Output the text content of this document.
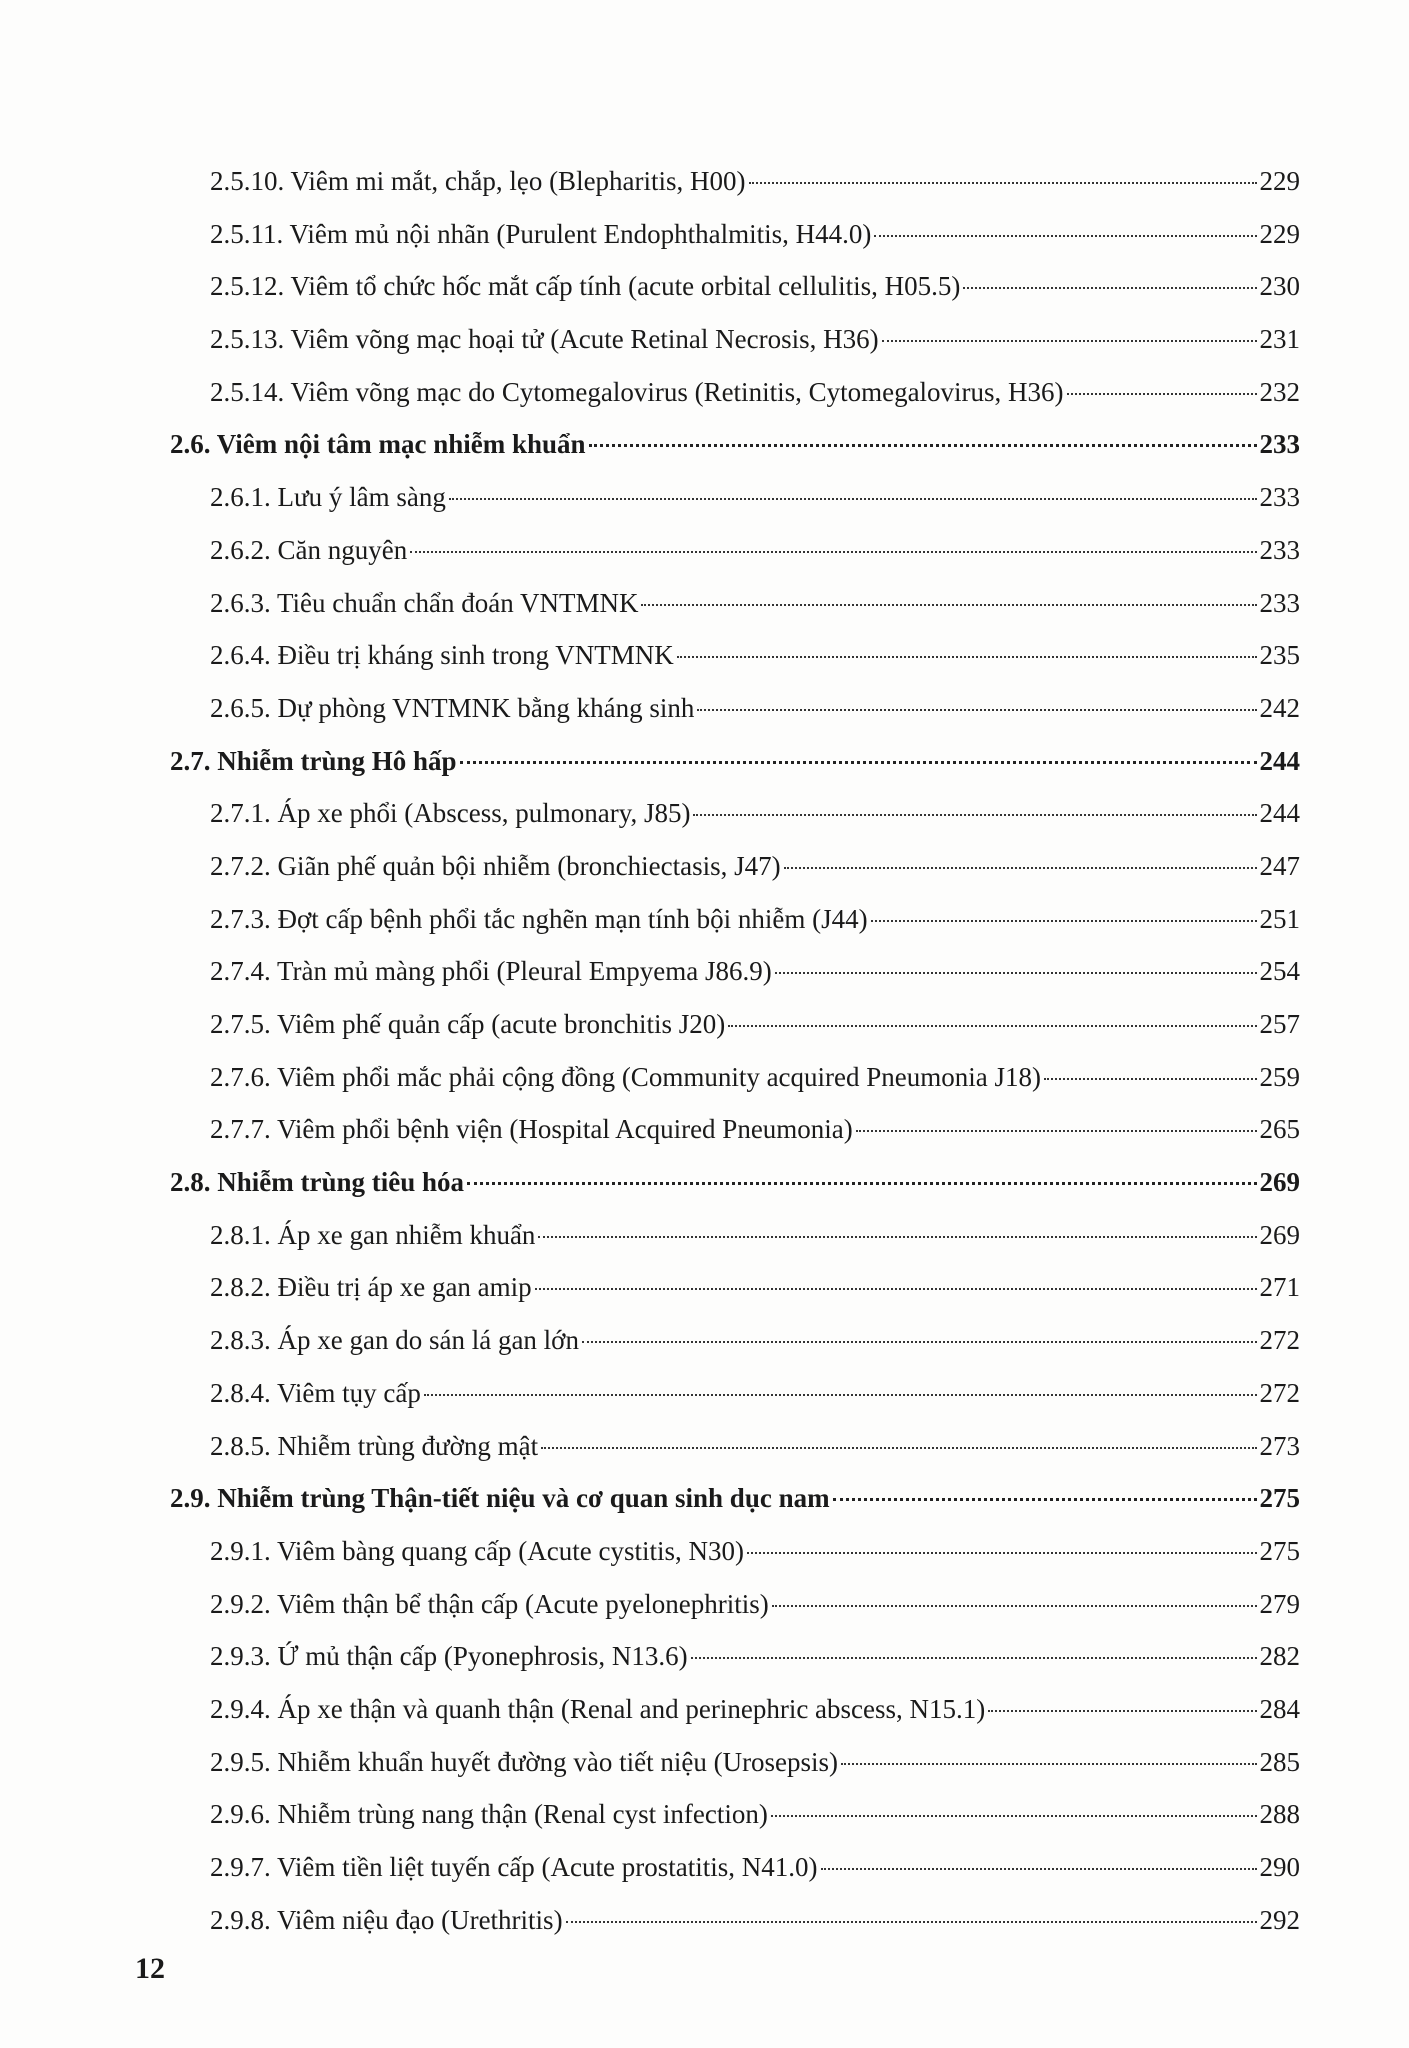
2.5.10. Viêm mi mắt, chắp, lẹo (Blepharitis, H00)	229
2.5.11. Viêm mủ nội nhãn (Purulent Endophthalmitis, H44.0)	229
2.5.12. Viêm tổ chức hốc mắt cấp tính (acute orbital cellulitis, H05.5)	230
2.5.13. Viêm võng mạc hoại tử (Acute Retinal Necrosis, H36)	231
2.5.14. Viêm võng mạc do Cytomegalovirus (Retinitis, Cytomegalovirus, H36)	232
2.6. Viêm nội tâm mạc nhiễm khuẩn	233
2.6.1. Lưu ý lâm sàng	233
2.6.2. Căn nguyên	233
2.6.3. Tiêu chuẩn chẩn đoán VNTMNK	233
2.6.4. Điều trị kháng sinh trong VNTMNK	235
2.6.5. Dự phòng VNTMNK bằng kháng sinh	242
2.7. Nhiễm trùng Hô hấp	244
2.7.1. Áp xe phổi (Abscess, pulmonary, J85)	244
2.7.2. Giãn phế quản bội nhiễm (bronchiectasis, J47)	247
2.7.3. Đợt cấp bệnh phổi tắc nghẽn mạn tính bội nhiễm (J44)	251
2.7.4. Tràn mủ màng phổi (Pleural Empyema J86.9)	254
2.7.5. Viêm phế quản cấp (acute bronchitis J20)	257
2.7.6. Viêm phổi mắc phải cộng đồng (Community acquired Pneumonia J18)	259
2.7.7. Viêm phổi bệnh viện (Hospital Acquired Pneumonia)	265
2.8. Nhiễm trùng tiêu hóa	269
2.8.1. Áp xe gan nhiễm khuẩn	269
2.8.2. Điều trị áp xe gan amip	271
2.8.3. Áp xe gan do sán lá gan lớn	272
2.8.4. Viêm tụy cấp	272
2.8.5. Nhiễm trùng đường mật	273
2.9. Nhiễm trùng Thận-tiết niệu và cơ quan sinh dục nam	275
2.9.1. Viêm bàng quang cấp (Acute cystitis, N30)	275
2.9.2. Viêm thận bể thận cấp (Acute pyelonephritis)	279
2.9.3. Ứ mủ thận cấp (Pyonephrosis, N13.6)	282
2.9.4. Áp xe thận và quanh thận (Renal and perinephric abscess, N15.1)	284
2.9.5. Nhiễm khuẩn huyết đường vào tiết niệu (Urosepsis)	285
2.9.6. Nhiễm trùng nang thận (Renal cyst infection)	288
2.9.7. Viêm tiền liệt tuyến cấp (Acute prostatitis, N41.0)	290
2.9.8. Viêm niệu đạo (Urethritis)	292
12
